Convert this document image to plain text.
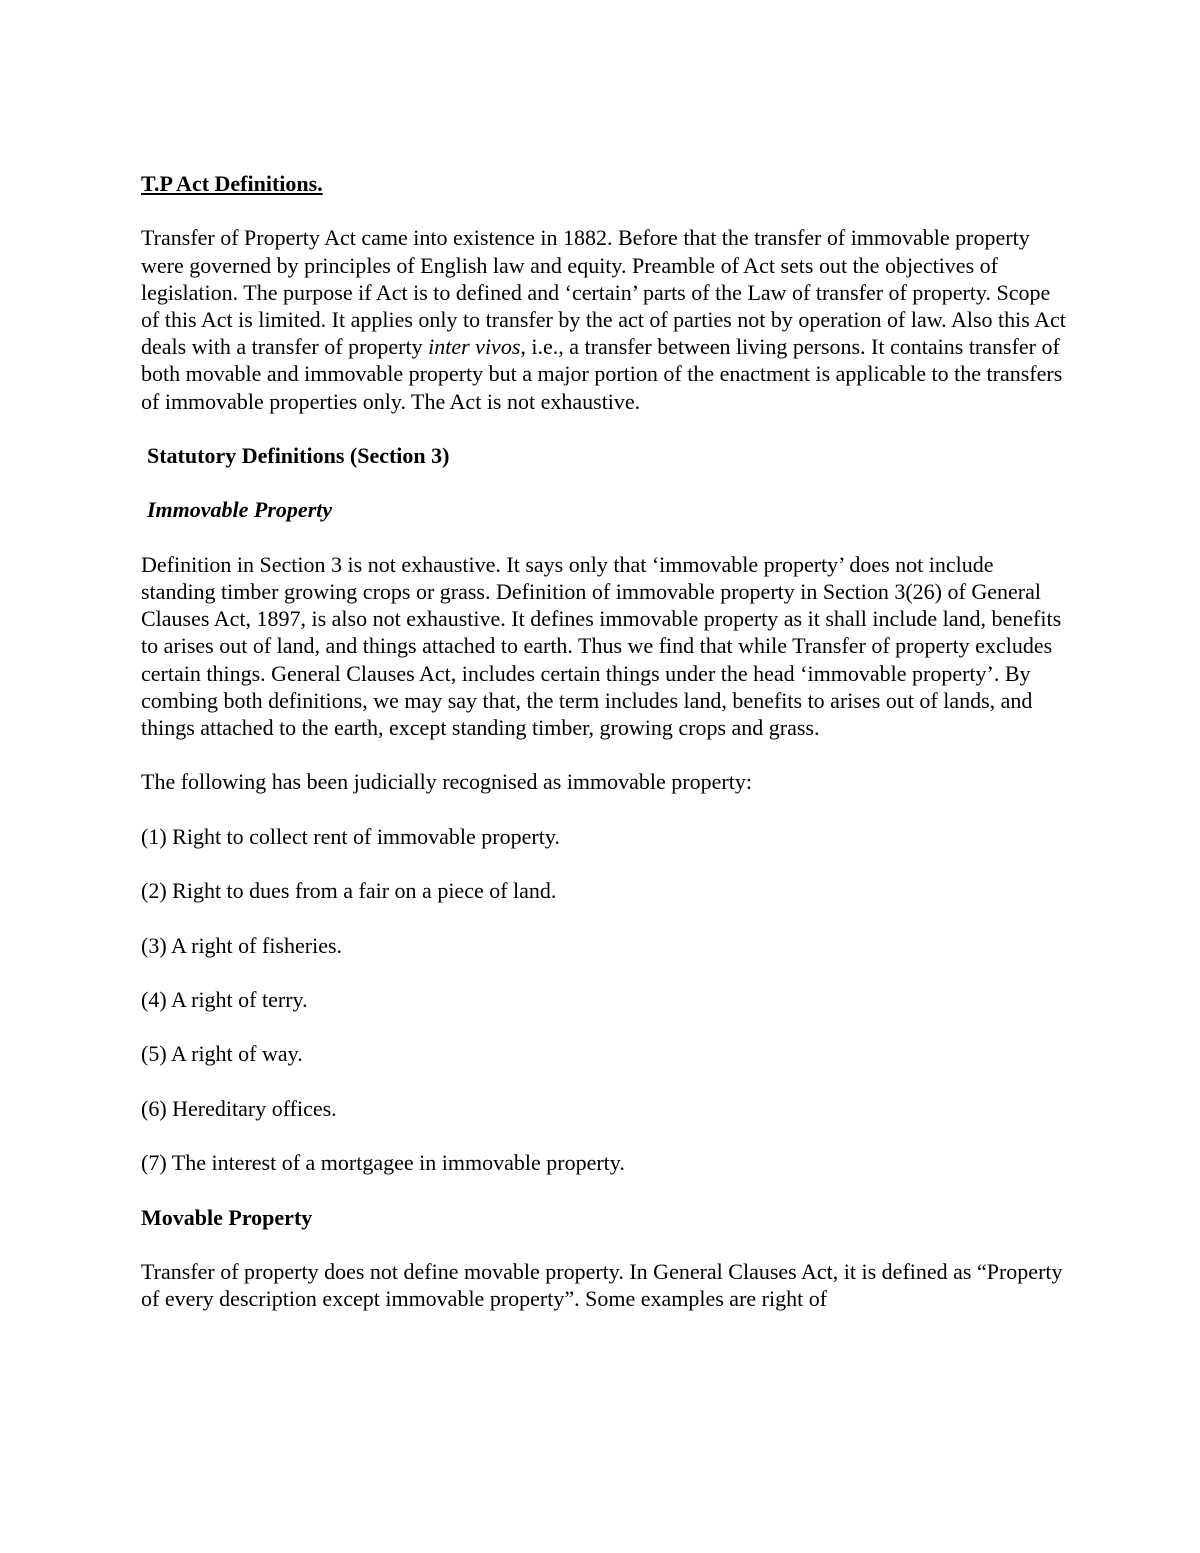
T.P Act Definitions.

Transfer of Property Act came into existence in 1882. Before that the transfer of immovable property were governed by principles of English law and equity. Preamble of Act sets out the objectives of legislation. The purpose if Act is to defined and ‘certain’ parts of the Law of transfer of property. Scope of this Act is limited. It applies only to transfer by the act of parties not by operation of law. Also this Act deals with a transfer of property inter vivos, i.e., a transfer between living persons. It contains transfer of both movable and immovable property but a major portion of the enactment is applicable to the transfers of immovable properties only. The Act is not exhaustive.

Statutory Definitions (Section 3)

Immovable Property

Definition in Section 3 is not exhaustive. It says only that ‘immovable property’ does not include standing timber growing crops or grass. Definition of immovable property in Section 3(26) of General Clauses Act, 1897, is also not exhaustive. It defines immovable property as it shall include land, benefits to arises out of land, and things attached to earth. Thus we find that while Transfer of property excludes certain things. General Clauses Act, includes certain things under the head ‘immovable property’. By combing both definitions, we may say that, the term includes land, benefits to arises out of lands, and things attached to the earth, except standing timber, growing crops and grass.

The following has been judicially recognised as immovable property:

(1) Right to collect rent of immovable property.

(2) Right to dues from a fair on a piece of land.

(3) A right of fisheries.

(4) A right of terry.

(5) A right of way.

(6) Hereditary offices.

(7) The interest of a mortgagee in immovable property.

Movable Property

Transfer of property does not define movable property. In General Clauses Act, it is defined as “Property of every description except immovable property”. Some examples are right of
